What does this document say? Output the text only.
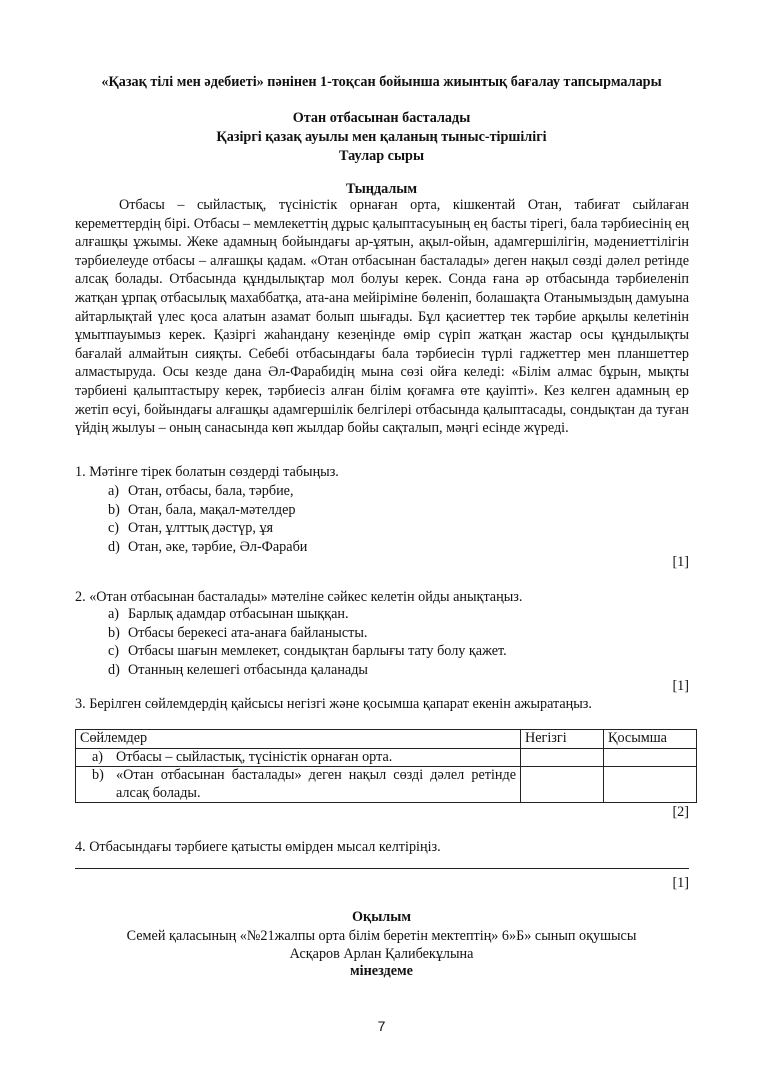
«Қазақ тілі мен әдебиеті» пәнінен 1-тоқсан бойынша жиынтық бағалау тапсырмалары
Отан отбасынан басталады
Қазіргі қазақ ауылы мен қаланың тыныс-тіршілігі
Таулар сыры
Тыңдалым
Отбасы – сыйластық, түсіністік орнаған орта, кішкентай Отан, табиғат сыйлаған кереметтердің бірі. Отбасы – мемлекеттің дұрыс қалыптасуының ең басты тірегі, бала тәрбиесінің ең алғашқы ұжымы. Жеке адамның бойындағы ар-ұятын, ақыл-ойын, адамгершілігін, мәдениеттілігін тәрбиелеуде отбасы – алғашқы қадам. «Отан отбасынан басталады» деген нақыл сөзді дәлел ретінде алсақ болады. Отбасында құндылықтар мол болуы керек. Сонда ғана әр отбасында тәрбиеленіп жатқан ұрпақ отбасылық махаббатқа, ата-ана мейіріміне бөленіп, болашақта Отанымыздың дамуына айтарлықтай үлес қоса алатын азамат болып шығады. Бұл қасиеттер тек тәрбие арқылы келетінін ұмытпауымыз керек. Қазіргі жаһандану кезеңінде өмір сүріп жатқан жастар осы құндылықты бағалай алмайтын сияқты. Себебі отбасындағы бала тәрбиесін түрлі гаджеттер мен планшеттер алмастыруда. Осы кезде дана Әл-Фарабидің мына сөзі ойға келеді: «Білім алмас бұрын, мықты тәрбиені қалыптастыру керек, тәрбиесіз алған білім қоғамға өте қауіпті». Кез келген адамның ер жетіп өсуі, бойындағы алғашқы адамгершілік белгілері отбасында қалыптасады, сондықтан да туған үйдің жылуы – оның санасында көп жылдар бойы сақталып, мәңгі есінде жүреді.
1. Мәтінге тірек болатын сөздерді табыңыз.
a) Отан, отбасы, бала, тәрбие,
b) Отан, бала, мақал-мәтелдер
c) Отан, ұлттық дәстүр, ұя
d) Отан, әке, тәрбие, Әл-Фараби
[1]
2. «Отан отбасынан басталады» мәтеліне сәйкес келетін ойды анықтаңыз.
a) Барлық адамдар отбасынан шыққан.
b) Отбасы берекесі ата-анаға байланысты.
c) Отбасы шағын мемлекет, сондықтан барлығы тату болу қажет.
d) Отанның келешегі отбасында қаланады
[1]
3. Берілген сөйлемдердің қайсысы негізгі және қосымша қапарат екенін ажыратаңыз.
Сөйлемдер	Негізгі	Қосымша

a) Отбасы – сыйластық, түсіністік орнаған орта.		

b) «Отан отбасынан басталады» деген нақыл сөзді дәлел ретінде алсақ болады.		

[2]
4. Отбасындағы тәрбиеге қатысты өмірден мысал келтіріңіз.
[1]
Оқылым
Семей қаласының «№21жалпы орта білім беретін мектептің» 6»Б» сынып оқушысы
Асқаров Арлан Қалибекұлына
мінездеме
7
